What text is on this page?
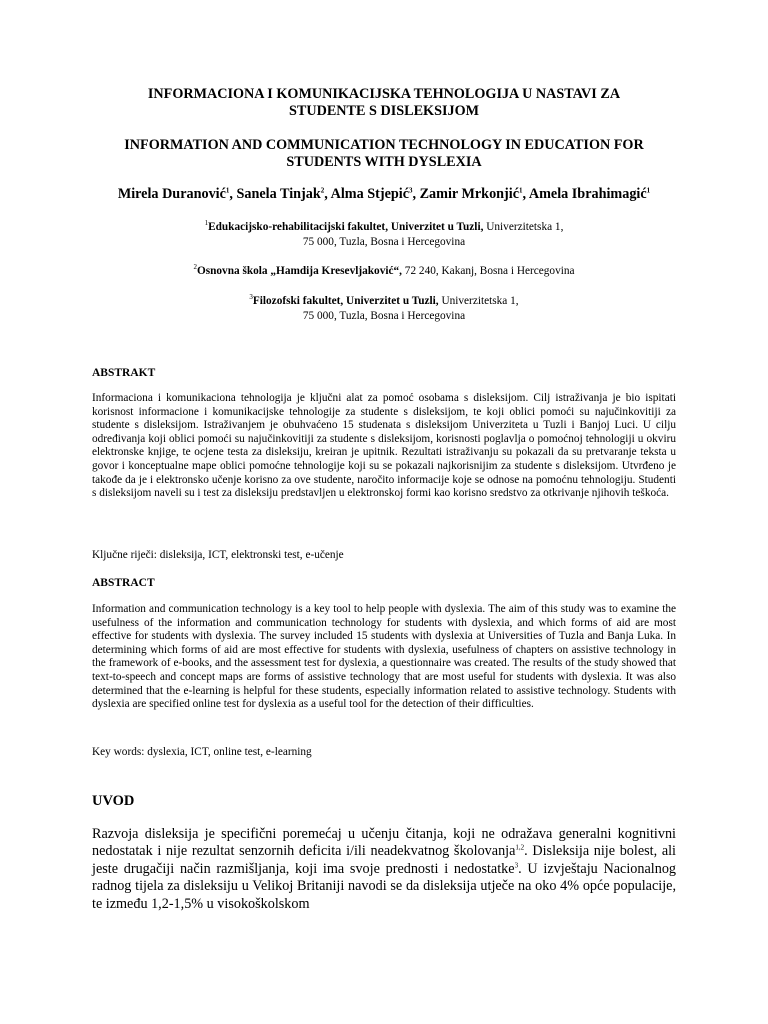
INFORMACIONA I KOMUNIKACIJSKA TEHNOLOGIJA U NASTAVI ZA
STUDENTE S DISLEKSIJOM
INFORMATION AND COMMUNICATION TECHNOLOGY IN EDUCATION FOR
STUDENTS WITH DYSLEXIA
Mirela Duranović$^1$, Sanela Tinjak$^2$, Alma Stjepić$^3$, Zamir Mrkonjić$^1$, Amela Ibrahimagić$^1$
$^1$Edukacijsko-rehabilitacijski fakultet, Univerzitet u Tuzli, Univerzitetska 1,
75 000, Tuzla, Bosna i Hercegovina
$^2$Osnovna škola „Hamdija Kresevljaković“, 72 240, Kakanj, Bosna i Hercegovina
$^3$Filozofski fakultet, Univerzitet u Tuzli, Univerzitetska 1,
75 000, Tuzla, Bosna i Hercegovina
ABSTRAKT
Informaciona i komunikaciona tehnologija je ključni alat za pomoć osobama s disleksijom. Cilj istraživanja je bio ispitati korisnost informacione i komunikacijske tehnologije za studente s disleksijom, te koji oblici pomoći su najučinkovitiji za studente s disleksijom. Istraživanjem je obuhvaćeno 15 studenata s disleksijom Univerziteta u Tuzli i Banjoj Luci. U cilju određivanja koji oblici pomoći su najučinkovitiji za studente s disleksijom, korisnosti poglavlja o pomoćnoj tehnologiji u okviru elektronske knjige, te ocjene testa za disleksiju, kreiran je upitnik. Rezultati istraživanju su pokazali da su pretvaranje teksta u govor i konceptualne mape oblici pomoćne tehnologije koji su se pokazali najkorisnijim za studente s disleksijom. Utvrđeno je takođe da je i elektronsko učenje korisno za ove studente, naročito informacije koje se odnose na pomoćnu tehnologiju. Studenti s disleksijom naveli su i test za disleksiju predstavljen u elektronskoj formi kao korisno sredstvo za otkrivanje njihovih teškoća.
Ključne riječi: disleksija, ICT, elektronski test, e-učenje
ABSTRACT
Information and communication technology is a key tool to help people with dyslexia. The aim of this study was to examine the usefulness of the information and communication technology for students with dyslexia, and which forms of aid are most effective for students with dyslexia. The survey included 15 students with dyslexia at Universities of Tuzla and Banja Luka. In determining which forms of aid are most effective for students with dyslexia, usefulness of chapters on assistive technology in the framework of e-books, and the assessment test for dyslexia, a questionnaire was created. The results of the study showed that text-to-speech and concept maps are forms of assistive technology that are most useful for students with dyslexia. It was also determined that the e-learning is helpful for these students, especially information related to assistive technology. Students with dyslexia are specified online test for dyslexia as a useful tool for the detection of their difficulties.
Key words: dyslexia, ICT, online test, e-learning
UVOD
Razvoja disleksija je specifični poremećaj u učenju čitanja, koji ne odražava generalni kognitivni nedostatak i nije rezultat senzornih deficita i/ili neadekvatnog školovanja$^{1,2}$. Disleksija nije bolest, ali jeste drugačiji način razmišljanja, koji ima svoje prednosti i nedostatke$^3$. U izvještaju Nacionalnog radnog tijela za disleksiju u Velikoj Britaniji navodi se da disleksija utječe na oko 4% opće populacije, te između 1,2-1,5% u visokoškolskom
